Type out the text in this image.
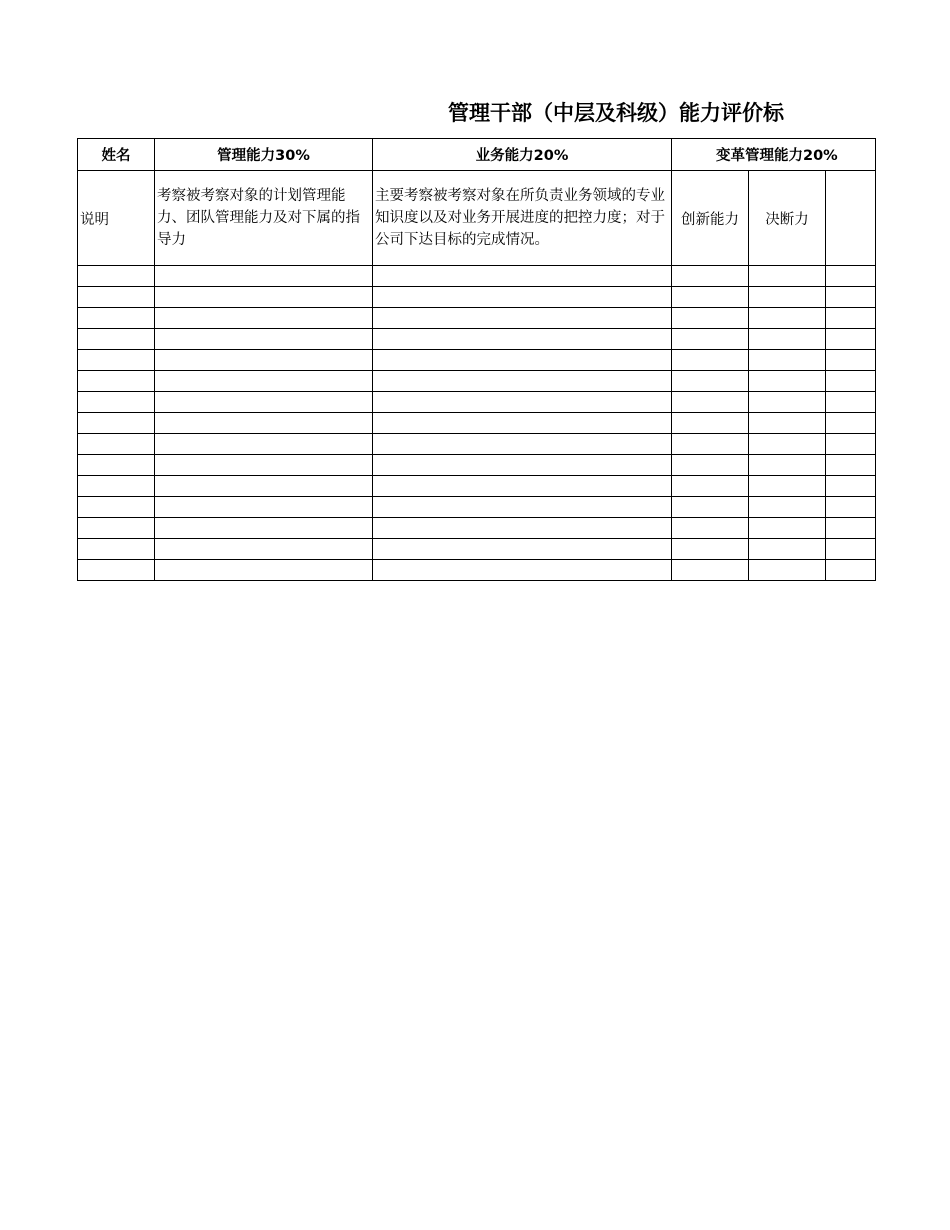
管理干部（中层及科级）能力评价标
姓名	管理能力30%	业务能力20%	变革管理能力20%		
说明	考察被考察对象的计划管理能力、团队管理能力及对下属的指导力	主要考察被考察对象在所负责业务领域的专业知识度以及对业务开展进度的把控力度；对于公司下达目标的完成情况。	创新能力	决断力	
